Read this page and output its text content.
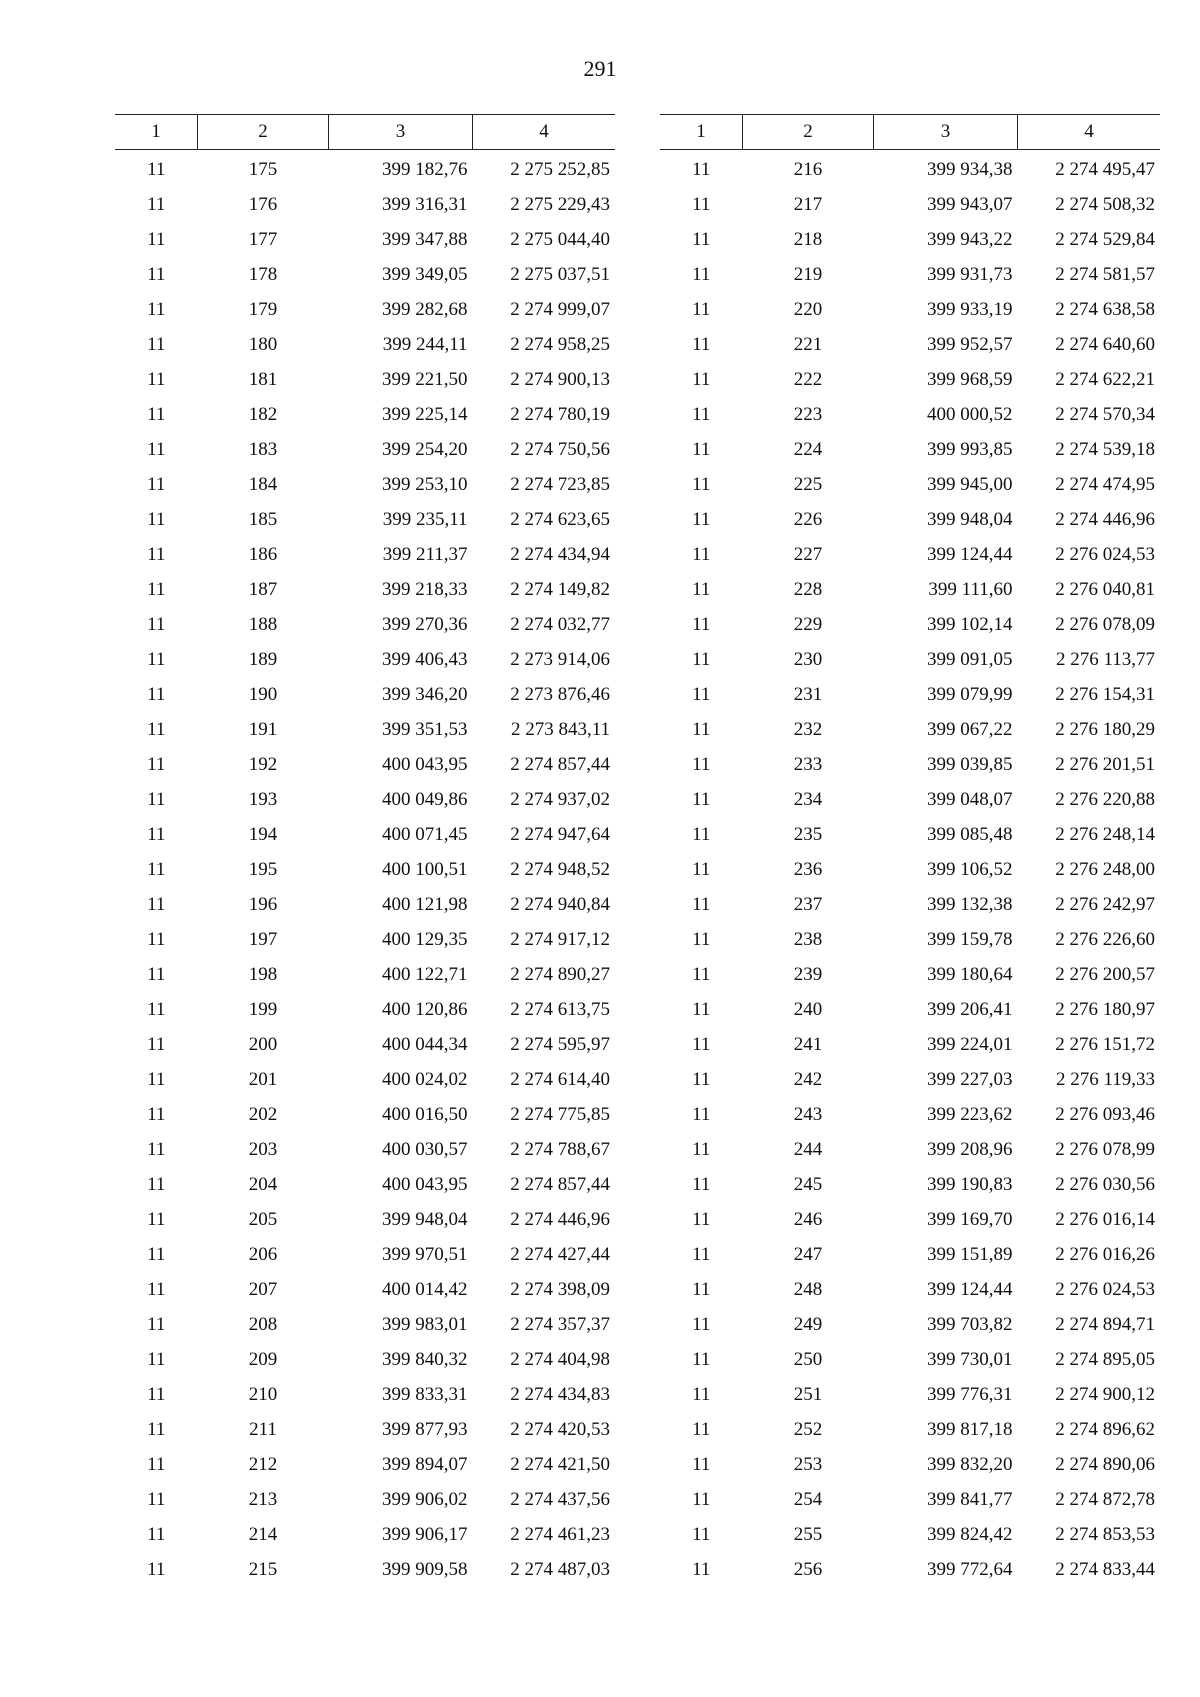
291
1	2	3	4
11	175	399 182,76	2 275 252,85
11	176	399 316,31	2 275 229,43
11	177	399 347,88	2 275 044,40
11	178	399 349,05	2 275 037,51
11	179	399 282,68	2 274 999,07
11	180	399 244,11	2 274 958,25
11	181	399 221,50	2 274 900,13
11	182	399 225,14	2 274 780,19
11	183	399 254,20	2 274 750,56
11	184	399 253,10	2 274 723,85
11	185	399 235,11	2 274 623,65
11	186	399 211,37	2 274 434,94
11	187	399 218,33	2 274 149,82
11	188	399 270,36	2 274 032,77
11	189	399 406,43	2 273 914,06
11	190	399 346,20	2 273 876,46
11	191	399 351,53	2 273 843,11
11	192	400 043,95	2 274 857,44
11	193	400 049,86	2 274 937,02
11	194	400 071,45	2 274 947,64
11	195	400 100,51	2 274 948,52
11	196	400 121,98	2 274 940,84
11	197	400 129,35	2 274 917,12
11	198	400 122,71	2 274 890,27
11	199	400 120,86	2 274 613,75
11	200	400 044,34	2 274 595,97
11	201	400 024,02	2 274 614,40
11	202	400 016,50	2 274 775,85
11	203	400 030,57	2 274 788,67
11	204	400 043,95	2 274 857,44
11	205	399 948,04	2 274 446,96
11	206	399 970,51	2 274 427,44
11	207	400 014,42	2 274 398,09
11	208	399 983,01	2 274 357,37
11	209	399 840,32	2 274 404,98
11	210	399 833,31	2 274 434,83
11	211	399 877,93	2 274 420,53
11	212	399 894,07	2 274 421,50
11	213	399 906,02	2 274 437,56
11	214	399 906,17	2 274 461,23
11	215	399 909,58	2 274 487,03
1	2	3	4
11	216	399 934,38	2 274 495,47
11	217	399 943,07	2 274 508,32
11	218	399 943,22	2 274 529,84
11	219	399 931,73	2 274 581,57
11	220	399 933,19	2 274 638,58
11	221	399 952,57	2 274 640,60
11	222	399 968,59	2 274 622,21
11	223	400 000,52	2 274 570,34
11	224	399 993,85	2 274 539,18
11	225	399 945,00	2 274 474,95
11	226	399 948,04	2 274 446,96
11	227	399 124,44	2 276 024,53
11	228	399 111,60	2 276 040,81
11	229	399 102,14	2 276 078,09
11	230	399 091,05	2 276 113,77
11	231	399 079,99	2 276 154,31
11	232	399 067,22	2 276 180,29
11	233	399 039,85	2 276 201,51
11	234	399 048,07	2 276 220,88
11	235	399 085,48	2 276 248,14
11	236	399 106,52	2 276 248,00
11	237	399 132,38	2 276 242,97
11	238	399 159,78	2 276 226,60
11	239	399 180,64	2 276 200,57
11	240	399 206,41	2 276 180,97
11	241	399 224,01	2 276 151,72
11	242	399 227,03	2 276 119,33
11	243	399 223,62	2 276 093,46
11	244	399 208,96	2 276 078,99
11	245	399 190,83	2 276 030,56
11	246	399 169,70	2 276 016,14
11	247	399 151,89	2 276 016,26
11	248	399 124,44	2 276 024,53
11	249	399 703,82	2 274 894,71
11	250	399 730,01	2 274 895,05
11	251	399 776,31	2 274 900,12
11	252	399 817,18	2 274 896,62
11	253	399 832,20	2 274 890,06
11	254	399 841,77	2 274 872,78
11	255	399 824,42	2 274 853,53
11	256	399 772,64	2 274 833,44
